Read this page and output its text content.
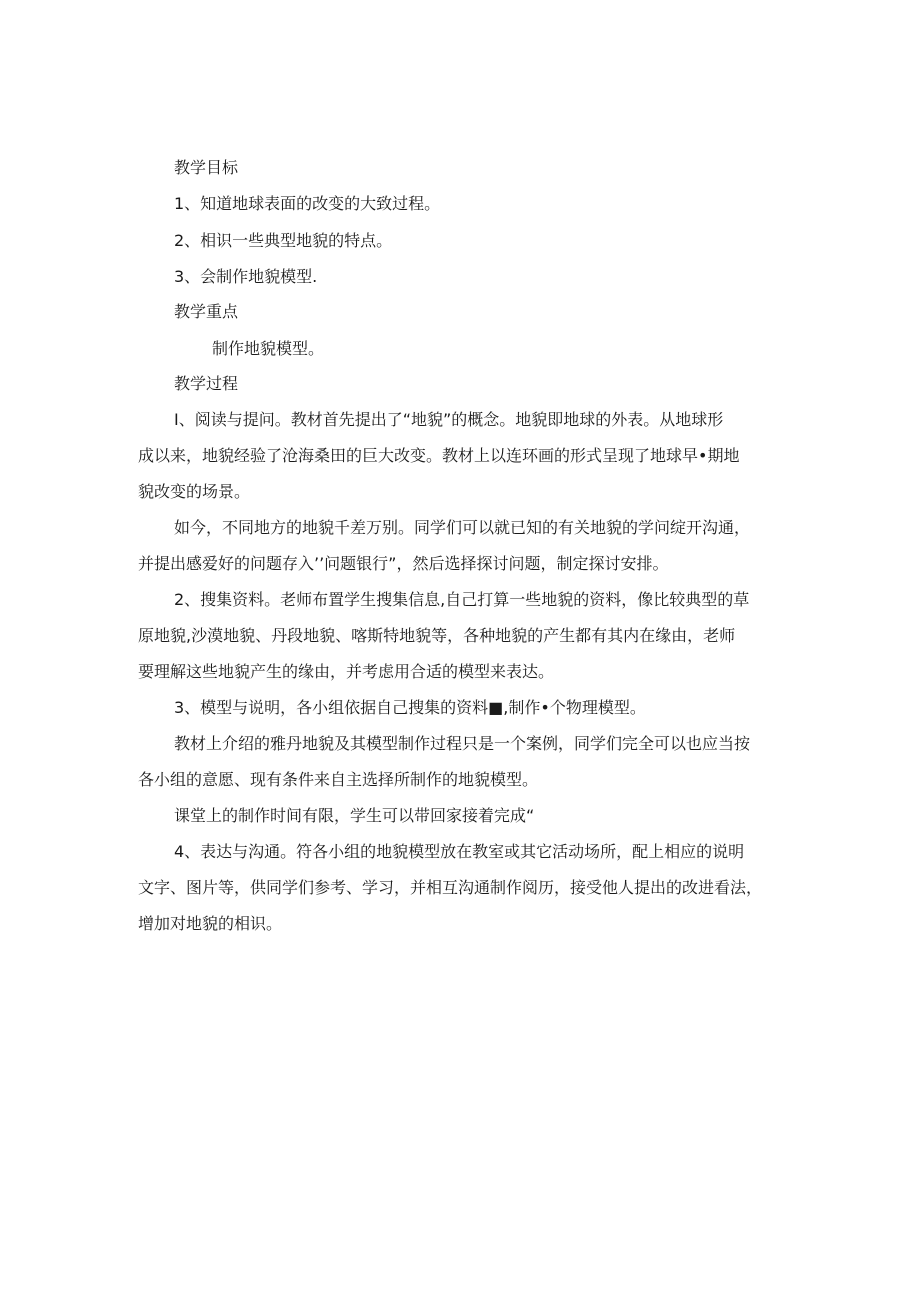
教学目标

1、知道地球表面的改变的大致过程。

2、相识一些典型地貌的特点。

3、会制作地貌模型.

教学重点

制作地貌模型。

教学过程

I、阅读与提问。教材首先提出了“地貌”的概念。地貌即地球的外表。从地球形

成以来，地貌经验了沧海桑田的巨大改变。教材上以连环画的形式呈现了地球早•期地

貌改变的场景。

如今，不同地方的地貌千差万别。同学们可以就已知的有关地貌的学问绽开沟通，

并提出感爱好的问题存入’’问题银行”，然后选择探讨问题，制定探讨安排。

2、搜集资料。老师布置学生搜集信息,自己打算一些地貌的资料，像比较典型的草

原地貌,沙漠地貌、丹段地貌、喀斯特地貌等，各种地貌的产生都有其内在缘由，老师

要理解这些地貌产生的缘由，并考虑用合适的模型来表达。

3、模型与说明，各小组依据自己搜集的资料■,制作•个物理模型。

教材上介绍的雅丹地貌及其模型制作过程只是一个案例，同学们完全可以也应当按

各小组的意愿、现有条件来自主选择所制作的地貌模型。

课堂上的制作时间有限，学生可以带回家接着完成“

4、表达与沟通。符各小组的地貌模型放在教室或其它活动场所，配上相应的说明

文字、图片等，供同学们参考、学习，并相互沟通制作阅历，接受他人提出的改进看法，

增加对地貌的相识。
